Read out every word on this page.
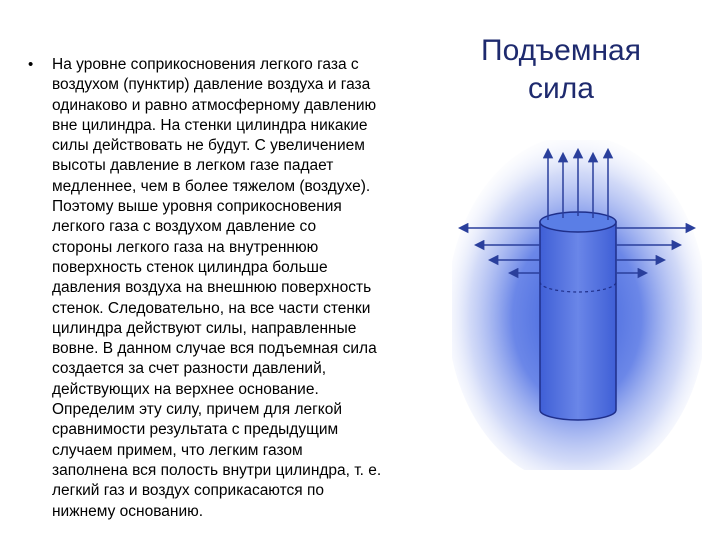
• На уровне соприкосновения легкого газа с
воздухом (пунктир) давление воздуха и газа
одинаково и равно атмосферному давлению
вне цилиндра. На стенки цилиндра никакие
силы действовать не будут. С увеличением
высоты давление в легком газе падает
медленнее, чем в более тяжелом (воздухе).
Поэтому выше уровня соприкосновения
легкого газа с воздухом давление со
стороны легкого газа на внутреннюю
поверхность стенок цилиндра больше
давления воздуха на внешнюю поверхность
стенок. Следовательно, на все части стенки
цилиндра действуют силы, направленные
вовне. В данном случае вся подъемная сила
создается за счет разности давлений,
действующих на верхнее основание.
Определим эту силу, причем для легкой
сравнимости результата с предыдущим
случаем примем, что легким газом
заполнена вся полость внутри цилиндра, т. е.
легкий газ и воздух соприкасаются по
нижнему основанию.
Подъемная
сила
